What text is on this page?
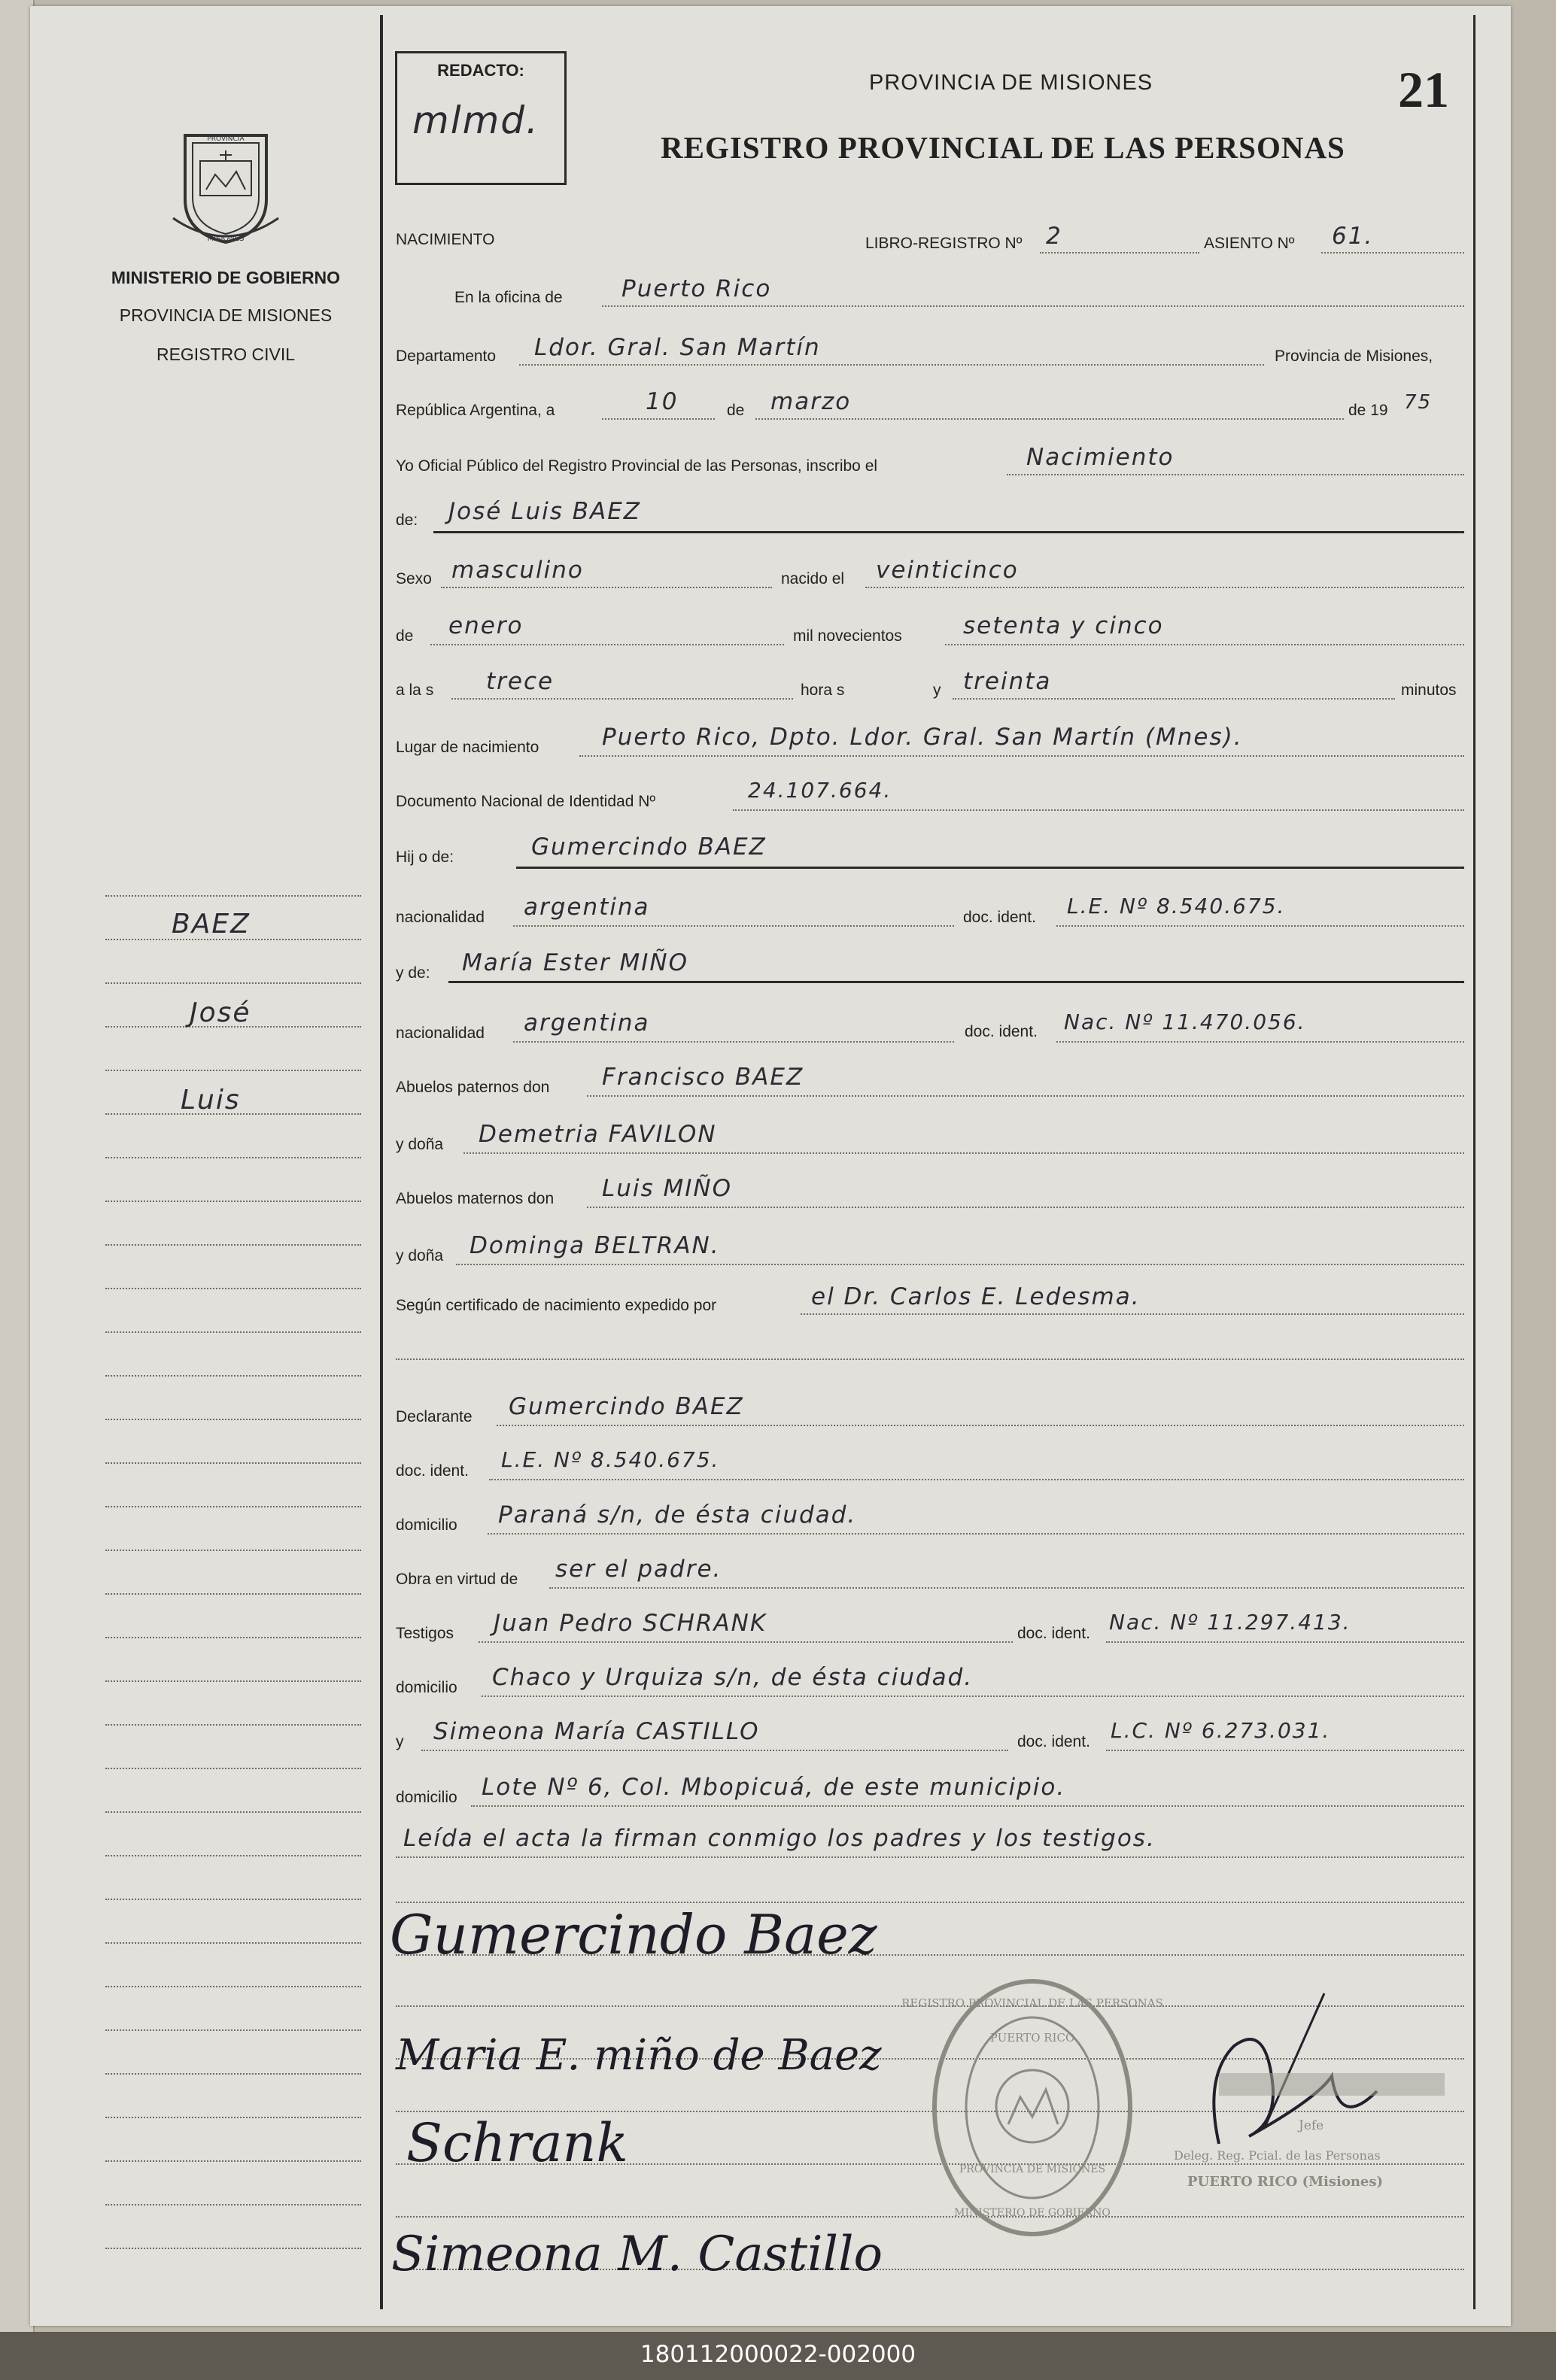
REDACTO:
mlmd.
PROVINCIA DE MISIONES
REGISTRO PROVINCIAL DE LAS PERSONAS
21
PROVINCIA
MISIONES
MINISTERIO DE GOBIERNO
PROVINCIA DE MISIONES
REGISTRO CIVIL
BAEZ
José
Luis
NACIMIENTO	LIBRO-REGISTRO Nº 2	ASIENTO Nº 61.
En la oficina de	Puerto Rico
Departamento Ldor. Gral. San Martín	Provincia de Misiones,
República Argentina, a	10	de marzo	de 19 75
Yo Oficial Público del Registro Provincial de las Personas, inscribo el	Nacimiento
de: José Luis BAEZ
Sexo masculino	nacido el veinticinco
de enero	mil novecientos	setenta y cinco
a la s trece	hora s	y treinta	minutos
Lugar de nacimiento	Puerto Rico, Dpto. Ldor. Gral. San Martín (Mnes).
Documento Nacional de Identidad Nº	24.107.664.
Hij o de:	Gumercindo BAEZ
nacionalidad argentina	doc. ident. L.E. Nº 8.540.675.
y de: María Ester MIÑO
nacionalidad argentina	doc. ident. Nac. Nº 11.470.056.
Abuelos paternos don Francisco BAEZ
y doña Demetria FAVILON
Abuelos maternos don Luis MIÑO
y doña Dominga BELTRAN.
Según certificado de nacimiento expedido por	el Dr. Carlos E. Ledesma.
Declarante Gumercindo BAEZ
doc. ident. L.E. Nº 8.540.675.
domicilio Paraná s/n, de ésta ciudad.
Obra en virtud de ser el padre.
Testigos Juan Pedro SCHRANK	doc. ident. Nac. Nº 11.297.413.
domicilio Chaco y Urquiza s/n, de ésta ciudad.
y Simeona María CASTILLO	doc. ident. L.C. Nº 6.273.031.
domicilio Lote Nº 6, Col. Mbopicuá, de este municipio.
Leída el acta la firman conmigo los padres y los testigos.
Gumercindo Baez
Maria E. miño de Baez
Schrank
Simeona M. Castillo
REGISTRO PROVINCIAL DE LAS PERSONAS
PUERTO RICO
PROVINCIA DE MISIONES
MINISTERIO DE GOBIERNO
Jefe
Deleg. Reg. Pcial. de las Personas
PUERTO RICO (Misiones)
180112000022-002000
